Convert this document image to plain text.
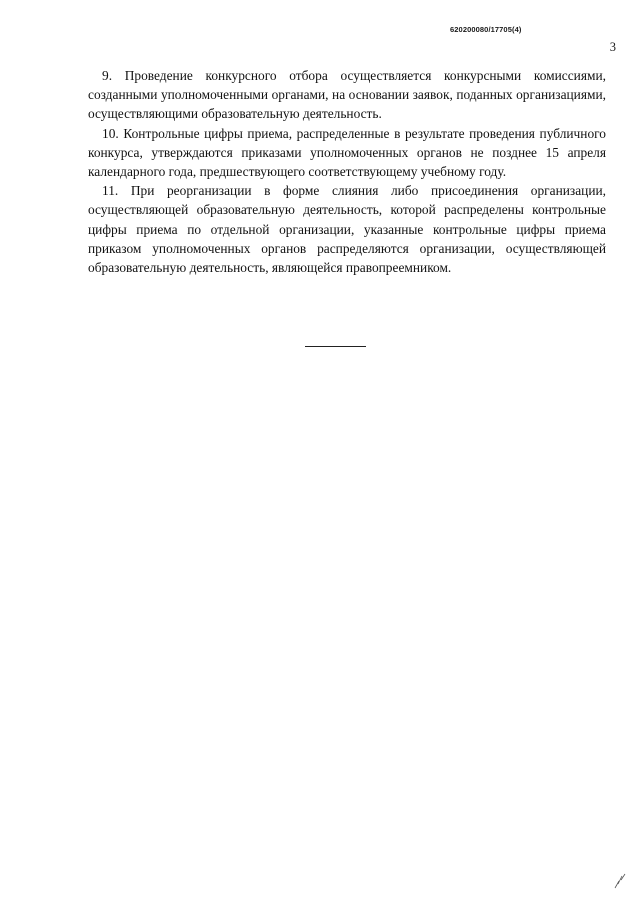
620200080/17705(4)
3

9. Проведение конкурсного отбора осуществляется конкурсными комиссиями, созданными уполномоченными органами, на основании заявок, поданных организациями, осуществляющими образовательную деятельность.

10. Контрольные цифры приема, распределенные в результате проведения публичного конкурса, утверждаются приказами уполномоченных органов не позднее 15 апреля календарного года, предшествующего соответствующему учебному году.

11. При реорганизации в форме слияния либо присоединения организации, осуществляющей образовательную деятельность, которой распределены контрольные цифры приема по отдельной организации, указанные контрольные цифры приема приказом уполномоченных органов распределяются организации, осуществляющей образовательную деятельность, являющейся правопреемником.
